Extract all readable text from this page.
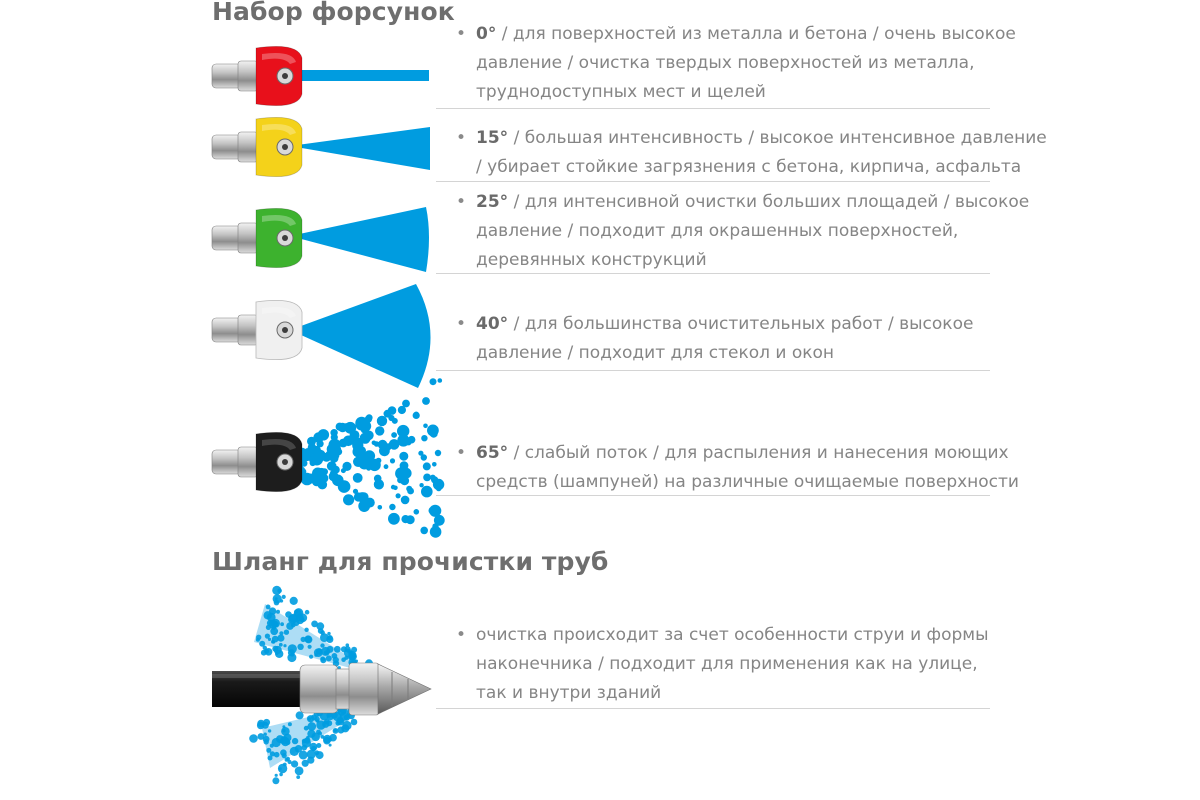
Набор форсунок

• 0° / для поверхностей из металла и бетона / очень высокое
давление / очистка твердых поверхностей из металла,
труднодоступных мест и щелей

• 15° / большая интенсивность / высокое интенсивное давление
/ убирает стойкие загрязнения с бетона, кирпича, асфальта

• 25° / для интенсивной очистки больших площадей / высокое
давление / подходит для окрашенных поверхностей,
деревянных конструкций

• 40° / для большинства очистительных работ / высокое
давление / подходит для стекол и окон

• 65° / слабый поток / для распыления и нанесения моющих
средств (шампуней) на различные очищаемые поверхности

Шланг для прочистки труб

• очистка происходит за счет особенности струи и формы
наконечника / подходит для применения как на улице,
так и внутри зданий
